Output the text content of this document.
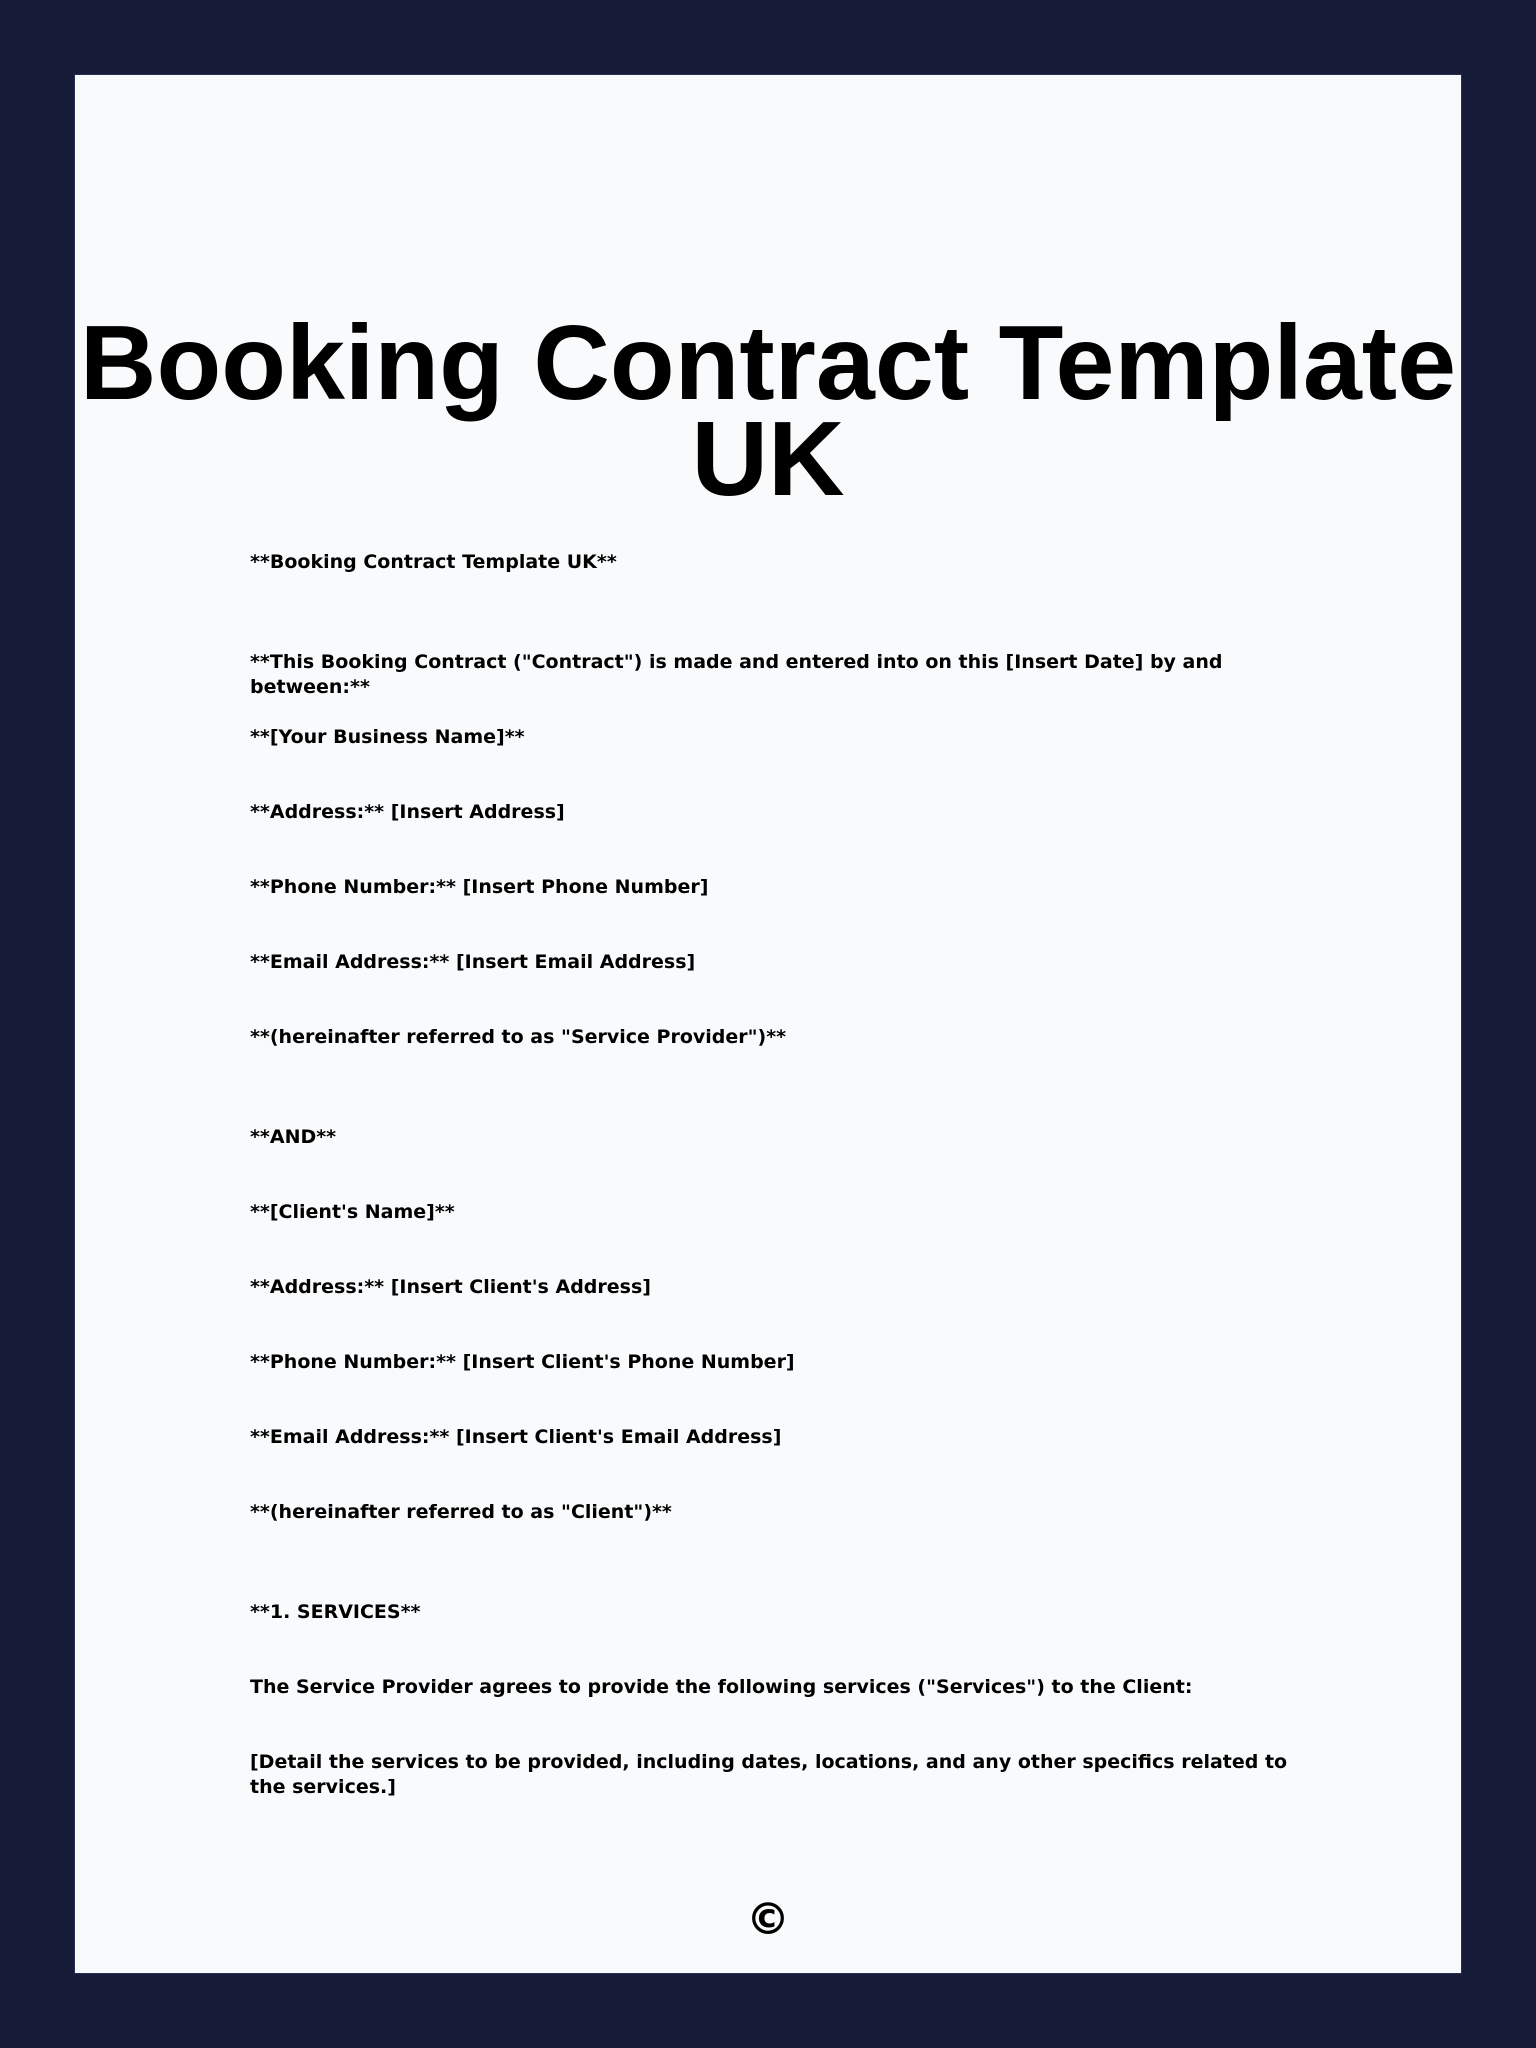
Booking Contract Template UK

**Booking Contract Template UK**

**This Booking Contract ("Contract") is made and entered into on this [Insert Date] by and between:**

**[Your Business Name]**

**Address:** [Insert Address]

**Phone Number:** [Insert Phone Number]

**Email Address:** [Insert Email Address]

**(hereinafter referred to as "Service Provider")**

**AND**

**[Client's Name]**

**Address:** [Insert Client's Address]

**Phone Number:** [Insert Client's Phone Number]

**Email Address:** [Insert Client's Email Address]

**(hereinafter referred to as "Client")**

**1. SERVICES**

The Service Provider agrees to provide the following services ("Services") to the Client:

[Detail the services to be provided, including dates, locations, and any other specifics related to the services.]

©
